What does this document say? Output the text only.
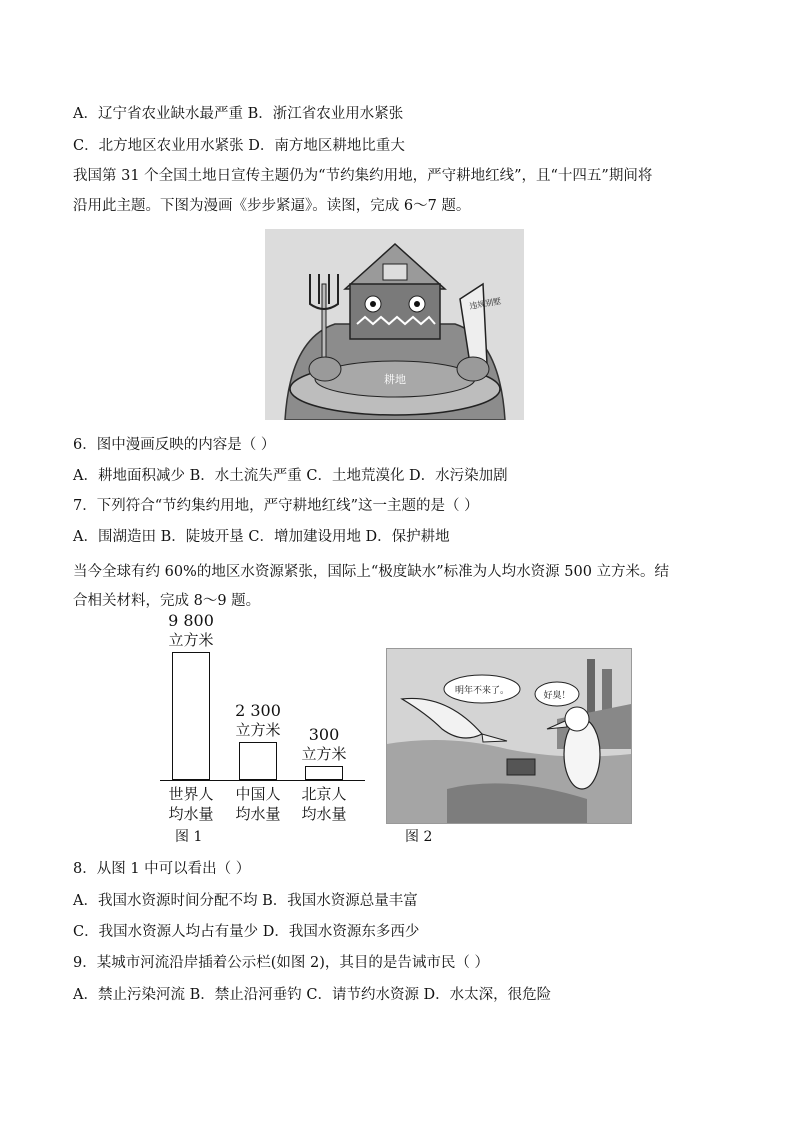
A．辽宁省农业缺水最严重 B．浙江省农业用水紧张
C．北方地区农业用水紧张 D．南方地区耕地比重大
我国第 31 个全国土地日宣传主题仍为“节约集约用地，严守耕地红线”，且“十四五”期间将
沿用此主题。下图为漫画《步步紧逼》。读图，完成 6～7 题。
违规别墅
耕地
6．图中漫画反映的内容是（ ）
A．耕地面积减少 B．水土流失严重 C．土地荒漠化 D．水污染加剧
7．下列符合“节约集约用地，严守耕地红线”这一主题的是（ ）
A．围湖造田 B．陡坡开垦 C．增加建设用地 D．保护耕地
当今全球有约 60%的地区水资源紧张，国际上“极度缺水”标准为人均水资源 500 立方米。结
合相关材料，完成 8～9 题。
立方米
9 800
世界人
均水量
立方米
2 300
中国人
均水量
立方米
300
北京人
均水量
图 1
明年不来了。	好臭！
图 2
8．从图 1 中可以看出（ ）
A．我国水资源时间分配不均 B．我国水资源总量丰富
C．我国水资源人均占有量少 D．我国水资源东多西少
9．某城市河流沿岸插着公示栏(如图 2)，其目的是告诫市民（ ）
A．禁止污染河流 B．禁止沿河垂钓 C．请节约水资源 D．水太深，很危险
